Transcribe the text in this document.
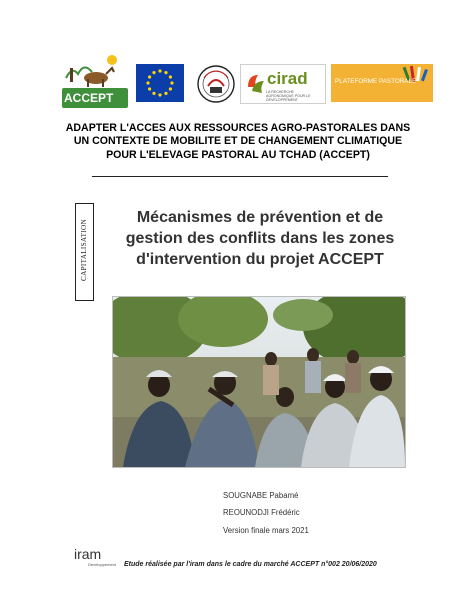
ACCEPT
cirad
LA RECHERCHE AGRONOMIQUE POUR LE DÉVELOPPEMENT
PLATEFORME PASTORALE
ADAPTER L'ACCES AUX RESSOURCES AGRO-PASTORALES DANS
UN CONTEXTE DE MOBILITE ET DE CHANGEMENT CLIMATIQUE
POUR L'ELEVAGE PASTORAL AU TCHAD (ACCEPT)
CAPITALISATION
Mécanismes de prévention et de
gestion des conflits dans les zones
d'intervention du projet ACCEPT
SOUGNABE Pabamé
REOUNODJI Frédéric
Version finale mars 2021
iram
Développement Etude réalisée par l'iram dans le cadre du marché ACCEPT n°002 20/06/2020
